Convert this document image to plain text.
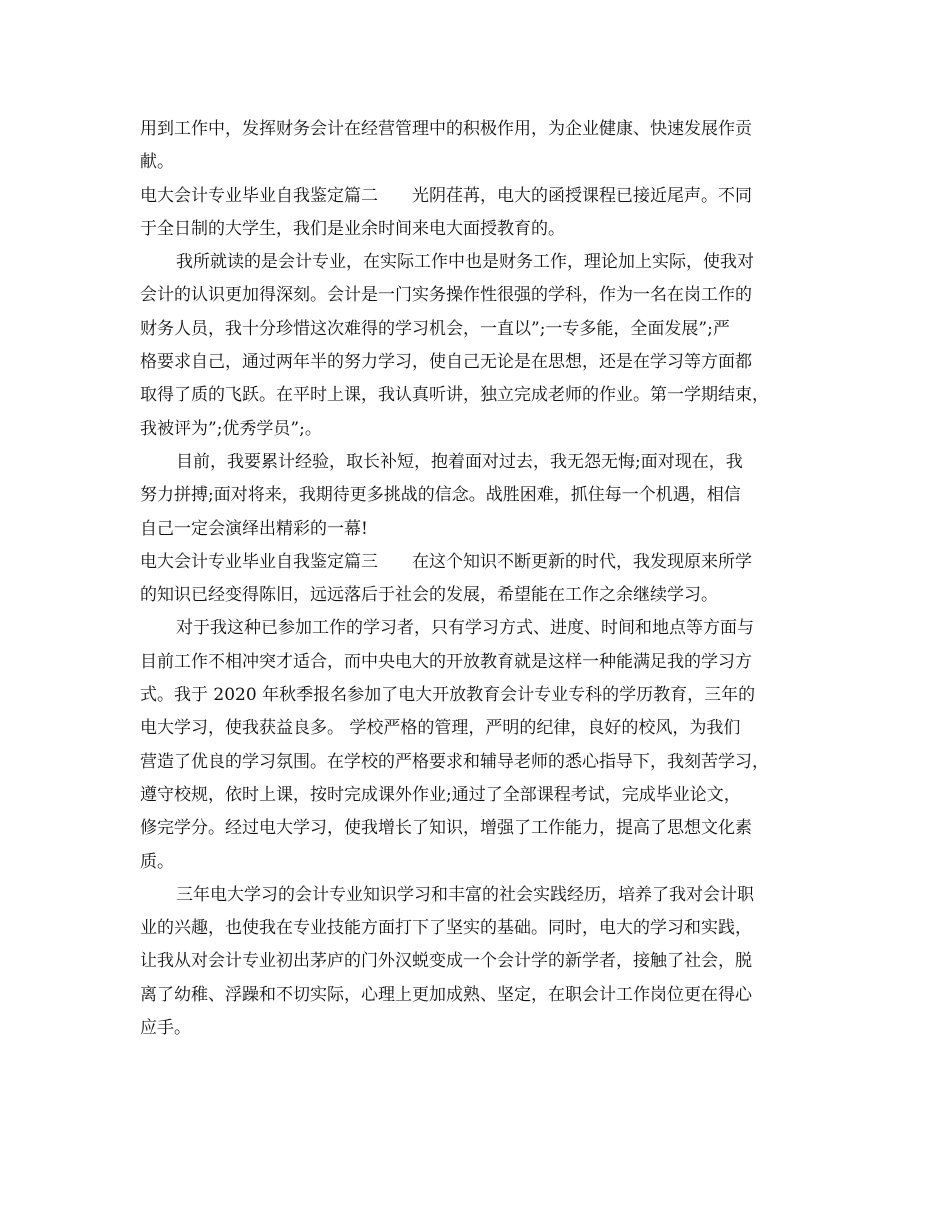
用到工作中，发挥财务会计在经营管理中的积极作用，为企业健康、快速发展作贡
献。
电大会计专业毕业自我鉴定篇二 光阴荏苒，电大的函授课程已接近尾声。不同
于全日制的大学生，我们是业余时间来电大面授教育的。
我所就读的是会计专业，在实际工作中也是财务工作，理论加上实际，使我对
会计的认识更加得深刻。会计是一门实务操作性很强的学科，作为一名在岗工作的
财务人员，我十分珍惜这次难得的学习机会，一直以”;一专多能，全面发展”;严
格要求自己，通过两年半的努力学习，使自己无论是在思想，还是在学习等方面都
取得了质的飞跃。在平时上课，我认真听讲，独立完成老师的作业。第一学期结束，
我被评为”;优秀学员”;。
目前，我要累计经验，取长补短，抱着面对过去，我无怨无悔;面对现在，我
努力拼搏;面对将来，我期待更多挑战的信念。战胜困难，抓住每一个机遇，相信
自己一定会演绎出精彩的一幕!
电大会计专业毕业自我鉴定篇三 在这个知识不断更新的时代，我发现原来所学
的知识已经变得陈旧，远远落后于社会的发展，希望能在工作之余继续学习。
对于我这种已参加工作的学习者，只有学习方式、进度、时间和地点等方面与
目前工作不相冲突才适合，而中央电大的开放教育就是这样一种能满足我的学习方
式。我于 2020 年秋季报名参加了电大开放教育会计专业专科的学历教育，三年的
电大学习，使我获益良多。 学校严格的管理，严明的纪律，良好的校风，为我们
营造了优良的学习氛围。在学校的严格要求和辅导老师的悉心指导下，我刻苦学习，
遵守校规，依时上课，按时完成课外作业;通过了全部课程考试，完成毕业论文，
修完学分。经过电大学习，使我增长了知识，增强了工作能力，提高了思想文化素
质。
三年电大学习的会计专业知识学习和丰富的社会实践经历，培养了我对会计职
业的兴趣，也使我在专业技能方面打下了坚实的基础。同时，电大的学习和实践，
让我从对会计专业初出茅庐的门外汉蜕变成一个会计学的新学者，接触了社会，脱
离了幼稚、浮躁和不切实际，心理上更加成熟、坚定，在职会计工作岗位更在得心
应手。
